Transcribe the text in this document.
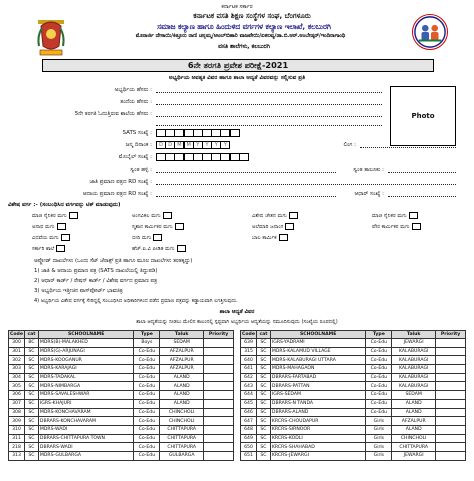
ಕರ್ನಾಟಕ ಸರ್ಕಾರ
ಕರ್ನಾಟಕ ವಸತಿ ಶಿಕ್ಷಣ ಸಂಸ್ಥೆಗಳ ಸಂಘ, ಬೆಂಗಳೂರು
ಸಮಾಜ ಕಲ್ಯಾಣ ಹಾಗೂ ಹಿಂದುಳಿದ ವರ್ಗಗಳ ಕಲ್ಯಾಣ ಇಲಾಖೆ, ಕಲಬುರಗಿ
ಮೊರಾರ್ಜಿ ದೇಸಾಯಿ/ಕಿತ್ತೂರು ರಾಣಿ ಚನ್ನಮ್ಮ/ಅಟಲ್‌ಬಿಹಾರಿ ವಾಜಪೇಯಿ/ಏಕಲವ್ಯ/ಡಾ.ಬಿ.ಆರ್.ಅಂಬೇಡ್ಕರ್/ಇಂದಿರಾಗಾಂಧಿ
ವಸತಿ ಶಾಲೆಗಳು, ಕಲಬುರಗಿ
6ನೇ ತರಗತಿ ಪ್ರವೇಶ ಪರೀಕ್ಷೆ-2021
ಅಭ್ಯರ್ಥಿಯ ಅವಶ್ಯಕ ವಿವರ ಹಾಗೂ ಶಾಲಾ ಆದ್ಯತೆ ವಿವರವನ್ನು ಸಲ್ಲಿಸುವ ಪ್ರತಿ
Photo
ಅಭ್ಯರ್ಥಿಯ ಹೆಸರು :
ತಂದೆಯ ಹೆಸರು :
5ನೇ ತರಗತಿ ಓದುತ್ತಿರುವ ಶಾಲೆಯ ಹೆಸರು :
SATS ಸಂಖ್ಯೆ :
ಜನ್ಮ ದಿನಾಂಕ :	D	D	M M	Y	Y	Y	Y	ಲಿಂಗ :
ಮೊಬೈಲ್ ಸಂಖ್ಯೆ :
ಸ್ವಂತ ಹಳ್ಳಿ :	ಸ್ವಂತ ತಾಲೂಕು :
ಜಾತಿ ಪ್ರಮಾಣ ಪತ್ರದ RD ಸಂಖ್ಯೆ :
ಆದಾಯ ಪ್ರಮಾಣ ಪತ್ರದ RD ಸಂಖ್ಯೆ :	ಆಧಾರ್ ಸಂಖ್ಯೆ :
ವಿಶೇಷ ವರ್ಗ :- (ಸಂಬಂಧಿಸಿದ ವರ್ಗವನ್ನು ಟಿಕ್ ಮಾಡುವುದು)
ಮಾಜಿ ಸೈನಿಕರ ಮಗು	ಅಂಗವಿಕಲ ಮಗು	ವಿಶೇಷ ಚೇತನ ಮಗು	ಮಾಜಿ ಸೈನಿಕರ ಮಗು
ಅನಾಥ ಮಗು	ಸ್ಮಶಾನ ಕಾರ್ಮಿಕರ ಮಗು	ಅಲೆಮಾರಿ ಜನಾಂಗ	ಪೌರ ಕಾರ್ಮಿಕರ ಮಗು
ವಿಧವೆಯ ಮಗು	ಬೀದಿ ಮಗು	ಬಾಲ ಕಾರ್ಮಿಕ
ಸರ್ಕಾರಿ ಶಾಲೆ	ಹೆಚ್.ಐ.ವಿ ಪೀಡಿತ ಮಗು
ಅಪ್ಲೋಡ್ ದಾಖಲೆಗಳು (ಒಂದು ಸೆಟ್ ಜೆರಾಕ್ಸ್ ಪ್ರತಿ ಹಾಗೂ ಮೂಲ ದಾಖಲೆಗಳು ತರತಕ್ಕದ್ದು)
1) ಜಾತಿ & ಆದಾಯ ಪ್ರಮಾಣ ಪತ್ರ (SATS ದಾಖಲೆಯಲ್ಲಿ ತಿದ್ದುಪಡಿ)
2) ಆಧಾರ್ ಕಾರ್ಡ್ / ರೇಷನ್ ಕಾರ್ಡ್ / ವಿಶೇಷ ವರ್ಗದ ಪ್ರಮಾಣ ಪತ್ರ
3) ಅಭ್ಯರ್ಥಿಯ ಇತ್ತೀಚಿನ ಪಾಸ್‌ಪೋರ್ಟ್ ಭಾವಚಿತ್ರ
4) ಅಭ್ಯರ್ಥಿಯ ವಿಶೇಷ ವರ್ಗಕ್ಕೆ ಸೇರಿದ್ದಲ್ಲಿ ಸಂಬಂಧಿಸಿದ ಅಧಿಕಾರಿಗಳಿಂದ ಪಡೆದ ಪ್ರಮಾಣ ಪತ್ರವನ್ನು ಕಡ್ಡಾಯವಾಗಿ ಲಗತ್ತಿಸುವುದು.
ಶಾಲಾ ಆದ್ಯತೆ ವಿವರ
ಶಾಲಾ ಆದ್ಯತೆಯನ್ನು ನೀಡಲು ಮೇಲಿನ ಕಾಲಂನಲ್ಲಿ ಸ್ಪಷ್ಟವಾಗಿ ಅಭ್ಯರ್ಥಿಯ ಆದ್ಯತೆಯನ್ನು ನಮೂದಿಸುವುದು (ಸಂಖ್ಯೆಯ ರೂಪದಲ್ಲಿ)
Code	cat	SCHOOLNAME	Type	Taluk	Priority
300	BC	MDRS(B)-MALAKHED	Boys	SEDAM	
301	SC	MDRS(G)-ARJUNAGI	Co-Edu	AFZALPUR	
302	SC	MDRS-KOOGANUR	Co-Edu	AFZALPUR	
303	SC	MDRS-KARAJAGI	Co-Edu	AFZALPUR	
304	SC	MDRS-TADAKAL	Co-Edu	ALAND	
305	SC	MDRS-NIMBARGA	Co-Edu	ALAND	
306	SC	MDRS-SAVALESHWAR	Co-Edu	ALAND	
307	SC	IGRS-KHAJURI	Co-Edu	ALAND	
308	SC	MDRS-KONCHAVARAM	Co-Edu	CHINCHOLI	
309	SC	DBRARS-KONCHAVARAM	Co-Edu	CHINCHOLI	
310	SC	MDRS-WADI	Co-Edu	CHITTAPURA	
311	SC	DBRARS-CHITTAPURA TOWN	Co-Edu	CHITTAPURA	
218	SC	DBRARS-WADI	Co-Edu	CHITTAPURA	
313	SC	MDRS-GULBARGA	Co-Edu	GULBARGA	
Code	cat	SCHOOLNAME	Type	Taluk	Priority
639	SC	IGRS-YADRAMI	Co-Edu	JEWARGI	
315	SC	MDRS-KALAMUD VILLAGE	Co-Edu	KALABURAGI	
640	SC	MDRS-KALABURAGI UTTARA	Co-Edu	KALABURAGI	
641	SC	MDRS-MAHAGAON	Co-Edu	KALABURAGI	
642	SC	DBRARS-FARTABAD	Co-Edu	KALABURAGI	
643	SC	DBRARS-PATTAN	Co-Edu	KALABURAGI	
644	SC	IGRS-SEDAM	Co-Edu	SEDAM	
645	SC	DBRARS-N TANDA	Co-Edu	ALAND	
646	SC	DBRARS-ALAND	Co-Edu	ALAND	
647	SC	KRCRS-CHOUDAPUR	Girls	AFZALPUR	
648	SC	KRCRS-SIRNOOR	Girls	ALAND	
649	SC	KRCRS-KODLI	Girls	CHINCHOLI	
650	SC	KRCRS-SHAHABAD	Girls	CHITTAPURA	
651	SC	KRCRS-JEWARGI	Girls	JEWARGI	
